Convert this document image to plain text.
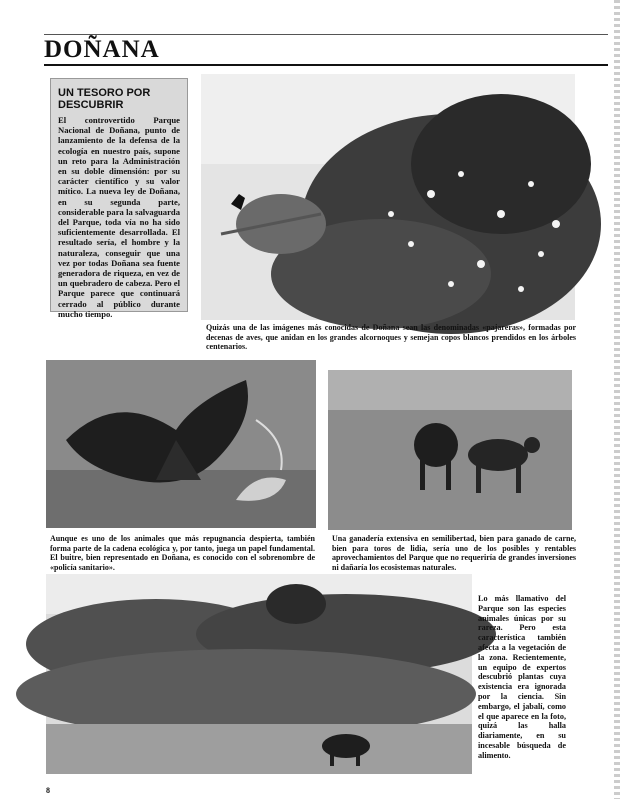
DOÑANA
UN TESORO POR DESCUBRIR

El controvertido Parque Nacional de Doñana, punto de lanzamiento de la defensa de la ecología en nuestro país, supone un reto para la Administración en su doble dimensión: por su carácter científico y su valor mítico. La nueva ley de Doñana, en su segunda parte, considerable para la salvaguarda del Parque, toda vía no ha sido suficientemente desarrollada. El resultado sería, el hombre y la naturaleza, conseguir que una vez por todas Doñana sea fuente generadora de riqueza, en vez de un quebradero de cabeza. Pero el Parque parece que continuará cerrado al público durante mucho tiempo.

Quizás una de las imágenes más conocidas de Doñana sean las denominadas «pajareras», formadas por decenas de aves, que anidan en los grandes alcornoques y semejan copos blancos prendidos en los árboles centenarios.
Aunque es uno de los animales que más repugnancia despierta, también forma parte de la cadena ecológica y, por tanto, juega un papel fundamental. El buitre, bien representado en Doñana, es conocido con el sobrenombre de «policía sanitario».
Una ganadería extensiva en semilibertad, bien para ganado de carne, bien para toros de lidia, sería uno de los posibles y rentables aprovechamientos del Parque que no requeriría de grandes inversiones ni dañaría los ecosistemas naturales.
Lo más llamativo del Parque son las especies animales únicas por su rareza. Pero esta característica también afecta a la vegetación de la zona. Recientemente, un equipo de expertos descubrió plantas cuya existencia era ignorada por la ciencia. Sin embargo, el jabalí, como el que aparece en la foto, quizá las halla diariamente, en su incesable búsqueda de alimento.
8
